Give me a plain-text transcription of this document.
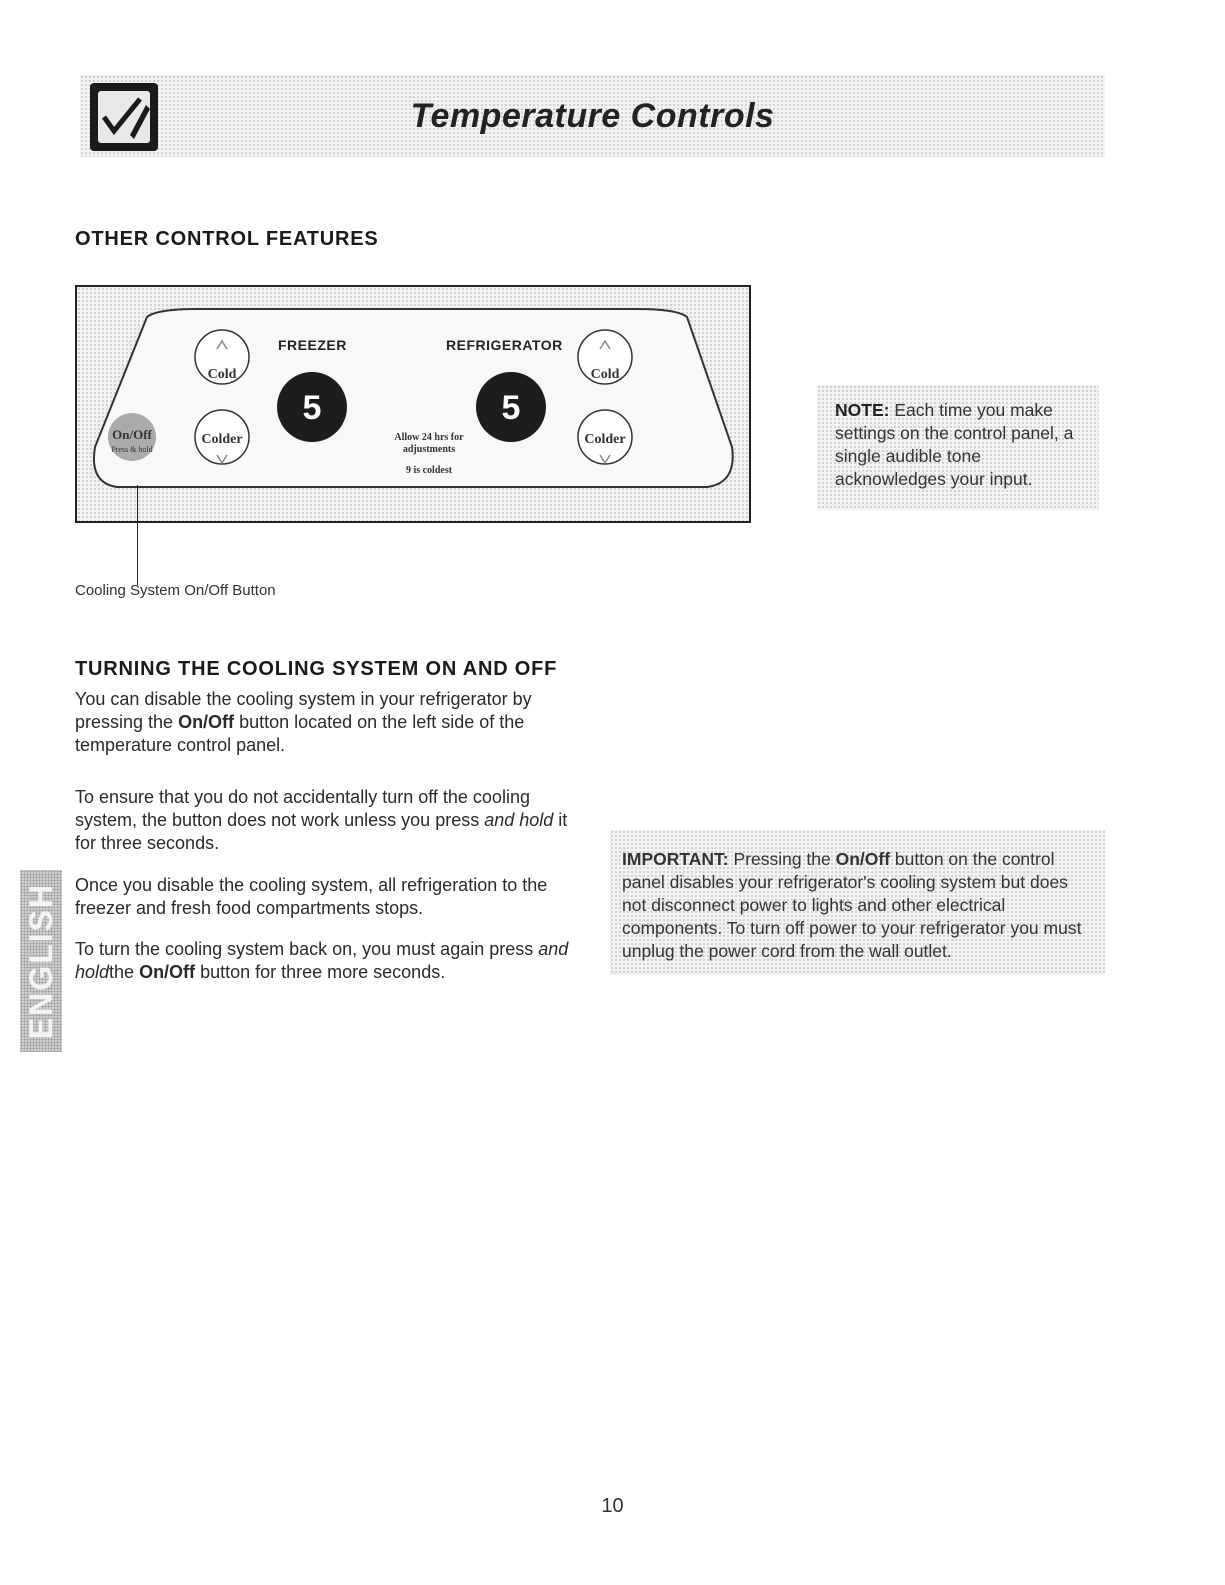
Temperature Controls
OTHER CONTROL FEATURES
FREEZER	REFRIGERATOR
Cold
Colder
Cold
Colder
On/Off
Press & hold
5	5
Allow 24 hrs for
adjustments
9 is coldest
Cooling System On/Off Button
NOTE: Each time you make settings on the control panel, a single audible tone acknowledges your input.
TURNING THE COOLING SYSTEM ON AND OFF

You can disable the cooling system in your refrigerator by pressing the On/Off button located on the left side of the temperature control panel.

To ensure that you do not accidentally turn off the cooling system, the button does not work unless you press and hold it for three seconds.

Once you disable the cooling system, all refrigeration to the freezer and fresh food compartments stops.

To turn the cooling system back on, you must again press and holdthe On/Off button for three more seconds.

IMPORTANT: Pressing the On/Off button on the control panel disables your refrigerator's cooling system but does not disconnect power to lights and other electrical components. To turn off power to your refrigerator you must unplug the power cord from the wall outlet.
ENGLISH
10
